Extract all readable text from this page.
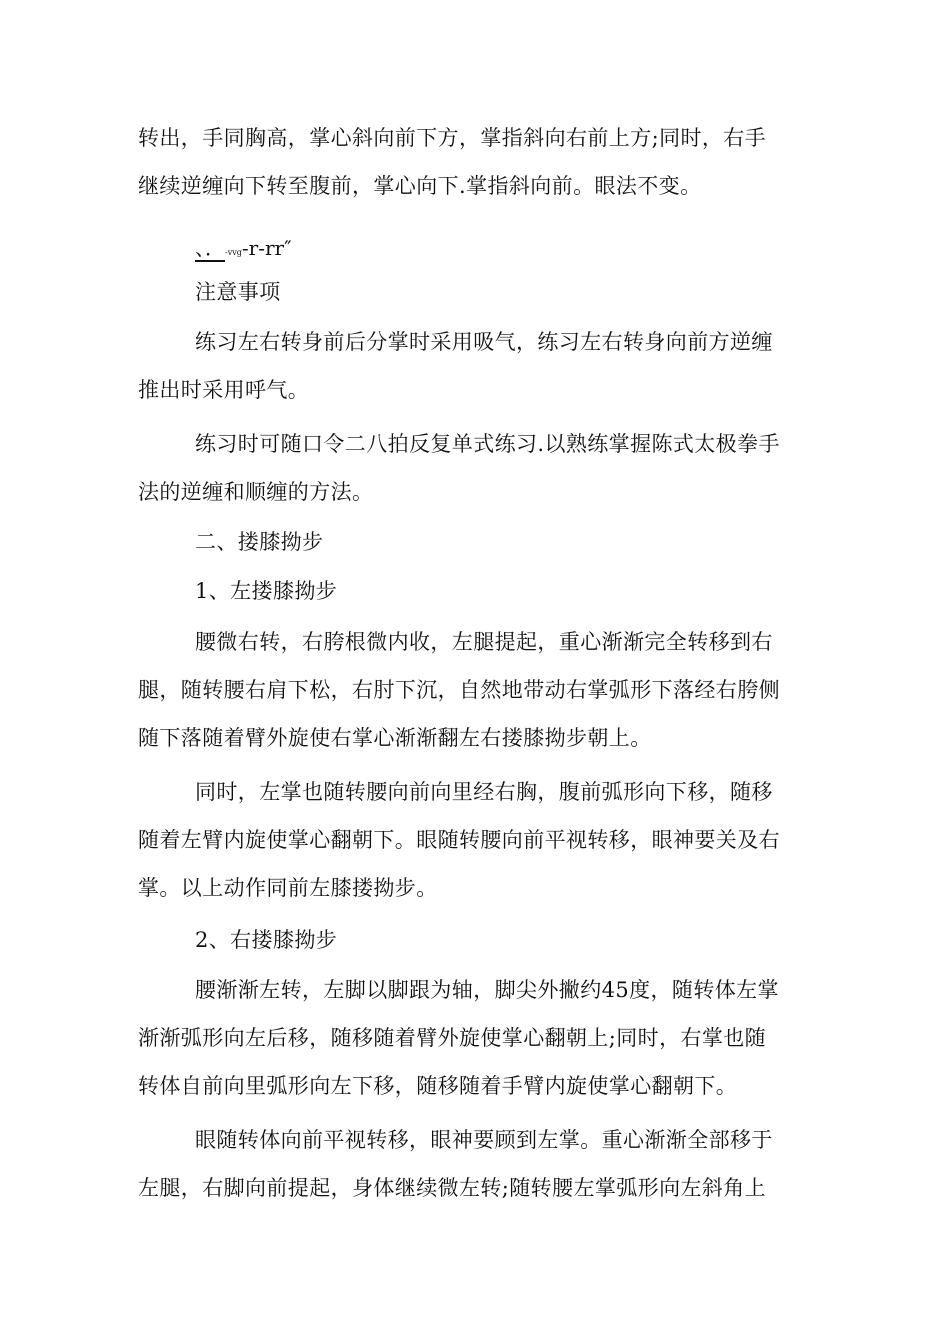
转出，手同胸高，掌心斜向前下方，掌指斜向右前上方;同时，右手
继续逆缠向下转至腹前，掌心向下.掌指斜向前。眼法不变。

、．-vvg-r-rr″

注意事项

练习左右转身前后分掌时采用吸气，练习左右转身向前方逆缠
推出时采用呼气。

练习时可随口令二八拍反复单式练习.以熟练掌握陈式太极拳手
法的逆缠和顺缠的方法。

二、搂膝拗步

1、左搂膝拗步

腰微右转，右胯根微内收，左腿提起，重心渐渐完全转移到右
腿，随转腰右肩下松，右肘下沉，自然地带动右掌弧形下落经右胯侧
随下落随着臂外旋使右掌心渐渐翻左右搂膝拗步朝上。

同时，左掌也随转腰向前向里经右胸，腹前弧形向下移，随移
随着左臂内旋使掌心翻朝下。眼随转腰向前平视转移，眼神要关及右
掌。以上动作同前左膝搂拗步。

2、右搂膝拗步

腰渐渐左转，左脚以脚跟为轴，脚尖外撇约45度，随转体左掌
渐渐弧形向左后移，随移随着臂外旋使掌心翻朝上;同时，右掌也随
转体自前向里弧形向左下移，随移随着手臂内旋使掌心翻朝下。

眼随转体向前平视转移，眼神要顾到左掌。重心渐渐全部移于
左腿，右脚向前提起，身体继续微左转;随转腰左掌弧形向左斜角上
